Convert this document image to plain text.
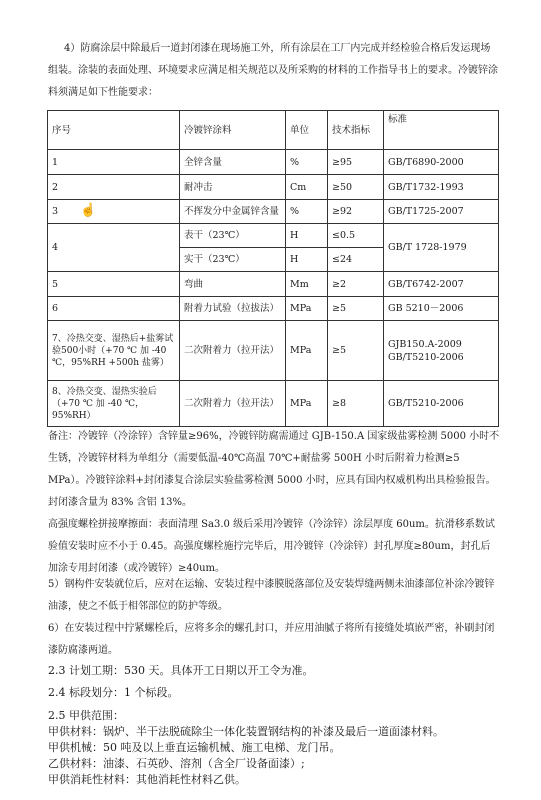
4）防腐涂层中除最后一道封闭漆在现场施工外，所有涂层在工厂内完成并经检验合格后发运现场组装。涂装的表面处理、环境要求应满足相关规范以及所采购的材料的工作指导书上的要求。冷镀锌涂料须满足如下性能要求：

序号	冷镀锌涂料	单位	技术指标	标准
1	全锌含量	%	≥95	GB/T6890-2000
2	耐冲击	Cm	≥50	GB/T1732-1993
3	不挥发分中金属锌含量	%	≥92	GB/T1725-2007
4	表干（23℃）	H	≤0.5	GB/T 1728-1979
	实干（23℃）	H	≤24	
5	弯曲	Mm	≥2	GB/T6742-2007
6	附着力试验（拉拔法）	MPa	≥5	GB 5210－2006
7、冷热交变、湿热后+盐雾试验500小时（+70 ℃ 加 -40 ℃，95%RH +500h 盐雾）	二次附着力（拉开法）	MPa	≥5	GJB150.A-2009
GB/T5210-2006

8、冷热交变、湿热实验后（+70 ℃ 加 -40 ℃，95%RH）	二次附着力（拉开法）	MPa	≥8	GB/T5210-2006
☝

备注：冷镀锌（冷涂锌）含锌量≥96%，冷镀锌防腐需通过 GJB-150.A 国家级盐雾检测 5000 小时不生锈，冷镀锌材料为单组分（需要低温-40℃高温 70℃+耐盐雾 500H 小时后附着力检测≥5 MPa）。冷镀锌涂料+封闭漆复合涂层实验盐雾检测 5000 小时，应具有国内权威机构出具检验报告。封闭漆含量为 83% 含铝 13%。

高强度螺栓拼接摩擦面：表面清理 Sa3.0 级后采用冷镀锌（冷涂锌）涂层厚度 60um。抗滑移系数试验值安装时应不小于 0.45。高强度螺栓施拧完毕后，用冷镀锌（冷涂锌）封孔厚度≥80um，封孔后加涂专用封闭漆（或冷镀锌）≥40um。

5）钢构件安装就位后，应对在运输、安装过程中漆膜脱落部位及安装焊缝两侧未油漆部位补涂冷镀锌油漆，使之不低于相邻部位的防护等级。

6）在安装过程中拧紧螺栓后，应将多余的螺孔封口，并应用油腻子将所有接缝处填嵌严密，补刷封闭漆防腐漆两道。

2.3 计划工期：530 天。具体开工日期以开工令为准。

2.4 标段划分：1 个标段。

2.5 甲供范围：

甲供材料：锅炉、半干法脱硫除尘一体化装置钢结构的补漆及最后一道面漆材料。

甲供机械：50 吨及以上垂直运输机械、施工电梯、龙门吊。

乙供材料：油漆、石英砂、溶剂（含全厂设备面漆）;

甲供消耗性材料：其他消耗性材料乙供。
